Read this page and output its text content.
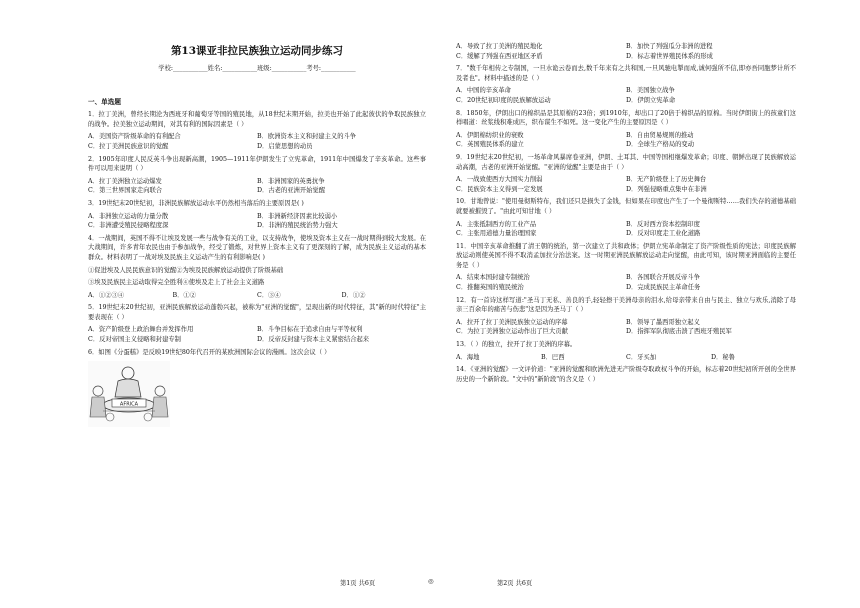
第13课亚非拉民族独立运动同步练习
学校:___________姓名:___________班级:___________考号:___________
一、单选题
1．拉丁美洲，曾经长期沦为西班牙和葡萄牙等国的殖民地，从18世纪末期开始，拉美也开始了此起彼伏的争取民族独立的战争。拉美独立运动期间，对其有利的国际因素是（ ）
A．美国资产阶级革命的有利配合	B．欧洲资本主义和封建主义的斗争
C．拉丁美洲民族意识的觉醒	D．启蒙思想的动员
2．1905年印度人民反英斗争出现新高潮，1905—1911年伊朗发生了立宪革命，1911年中国爆发了辛亥革命。这些事件可以用来说明（ ）
A．拉丁美洲独立运动爆发	B．非洲国家的英勇抗争
C．第三世界国家走向联合	D．古老的亚洲开始觉醒
3．19世纪末20世纪初，非洲民族解放运动水平仍然相当落后的主要原因是( )
A．非洲独立运动的力量分散	B．非洲新经济因素比较弱小
C．非洲遭受殖民侵略程度深	D．非洲的殖民统治势力强大
4．一战期间，英国不得不让埃及发展一些与战争有关的工业，以支持战争，使埃及资本主义在一战时期得到较大发展。在大战期间，许多青年农民也由于参加战争，经受了锻炼，对世界上资本主义有了更深刻的了解，成为民族主义运动的基本群众。材料表明了一战对埃及民族主义运动产生的有利影响是( )
①促进埃及人民民族意识的觉醒②为埃及民族解放运动提供了阶级基础
③埃及民族民主运动取得完全胜利④使埃及走上了社会主义道路
A．①②③④	B．①②	C．③④	D．①②
5．19世纪末20世纪初，亚洲民族解放运动蓬勃兴起，被称为"亚洲的觉醒"，呈现出新的时代特征，其"新的时代特征"主要表现在（ ）
A．资产阶级登上政治舞台并发挥作用	B．斗争目标在于追求自由与平等权利
C．反对帝国主义侵略和封建专制	D．反帝反封建与资本主义紧密结合起来
6．如图《分蛋糕》是反映19世纪80年代召开的某欧洲国际会议的漫画。这次会议（ ）
AFRICA
A．导致了拉丁美洲的殖民地化	B．加快了列强瓜分非洲的进程
C．缓解了列强在西亚地区矛盾	D．标志着世界殖民体系的形成
7．"数千年相传之专制国，一旦水诡云卷而去,数千年来有之共和国,一旦风驰电掣而成,诚何强所不信,即亦吾同胞梦计所不及者也"。材料中描述的是（ ）
A．中国的辛亥革命	B．美国独立战争
C．20世纪初印度的民族解放运动	D．伊朗立宪革命
8．1850年，伊朗出口的棉织品是其原棉的23倍；到1910年，却出口了20倍于棉织品的原棉。当时伊朗街上的孩童们这样唱道：丝浆线积难成匹，织布谋生不如死。这一变化产生的主要原因是（ ）
A．伊朗棉纺织业的衰败	B．自由贸易规则的推动
C．英国殖民体系的建立	D．全球生产格局的变动
9．19世纪末20世纪初，一场革命风暴席卷亚洲，伊朗、土耳其、中国等国相继爆发革命；印度、朝鲜出现了民族解放运动高潮，古老的亚洲开始觉醒。"亚洲的觉醒"主要是由于（ ）
A．一战致使西方大国实力削弱	B．无产阶级登上了历史舞台
C．民族资本主义得到一定发展	D．列强侵略重点集中在非洲
10．甘地曾说："使用曼彻斯特布，我们还只是损失了金钱，但如果在印度也产生了一个曼彻斯特……我们失存的道德基础就要被摧毁了。"由此可知甘地（ ）
A．主张抵制西方的工业产品	B．反对西方资本控制印度
C．主张用道德力量治理国家	D．反对印度走工业化道路
11．中国辛亥革命推翻了清王朝的统治，第一次建立了共和政体；伊朗立宪革命制定了资产阶级性质的宪法；印度民族解放运动则使英国不得不取消孟加拉分治法案。这一时期亚洲民族解放运动走向觉醒，由此可知，该时期亚洲面临的主要任务是（ ）
A．结束本国封建专制统治	B．各国联合开展反帝斗争
C．推翻英国的殖民统治	D．完成民族民主革命任务
12．有一首诗这样写道:"圣马丁无私、善良的手,轻轻擦干美洲母亲的泪水,给母亲带来自由与民主、独立与欢乐,消除了母亲三百余年的痛苦与伤悲"这是因为圣马丁（ ）
A．拉开了拉丁美洲民族独立运动的序幕	B．领导了墨西哥独立起义
C．为拉丁美洲独立运动作出了巨大贡献	D．指挥军队彻底击溃了西班牙殖民军
13．（ ）的独立，拉开了拉丁美洲的序幕。
A．海地	B．巴西	C．牙买加	D．秘鲁
14．《亚洲的觉醒》一文评价道："亚洲的觉醒和欧洲先进无产阶级夺取政权斗争的开始，标志着20世纪初所开创的全世界历史的一个新阶段。"文中的"新阶段"的含义是（ ）
第1页 共6页	◎	第2页 共6页
